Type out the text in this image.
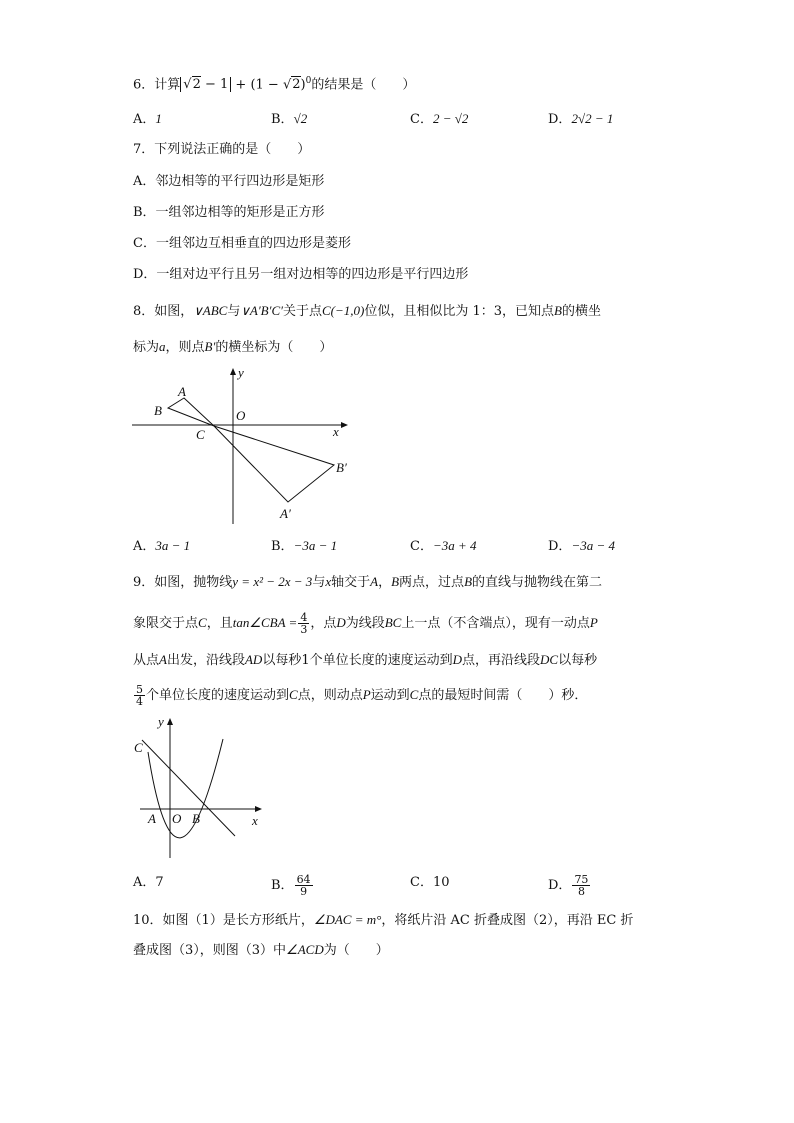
6．计算 $√2 - 1 + (1 - √2)^0$的结果是（　　）
A．1	B．√2	C．2 − √2	D．2√2 − 1
7．下列说法正确的是（　　）
A．邻边相等的平行四边形是矩形
B．一组邻边相等的矩形是正方形
C．一组邻边互相垂直的四边形是菱形
D．一组对边平行且另一组对边相等的四边形是平行四边形
8．如图，∨ABC与∨A′B′C′关于点C(−1,0)位似，且相似比为 1：3，已知点B的横坐
标为a，则点B′的横坐标为（　　）
A
B	O
C	x
y
B′
A′
A．3a − 1	B．−3a − 1	C．−3a + 4	D．−3a − 4
9．如图，抛物线y = x² − 2x − 3与x轴交于A，B两点，过点B的直线与抛物线在第二
象限交于点C，且tan∠CBA = $\frac{4}{3}$ ，点D为线段BC上一点（不含端点），现有一动点P
从点A出发，沿线段AD以每秒1个单位长度的速度运动到D点，再沿线段DC以每秒
$\frac{5}{4}$ 个单位长度的速度运动到C点，则动点P运动到C点的最短时间需（　　）秒．
C
y
A O B	x
A．7	B． $\frac{64}{9}$	C．10	D． $\frac{75}{8}$
10．如图（1）是长方形纸片，∠DAC = m°，将纸片沿 AC 折叠成图（2），再沿 EC 折
叠成图（3），则图（3）中∠ACD为（　　）
